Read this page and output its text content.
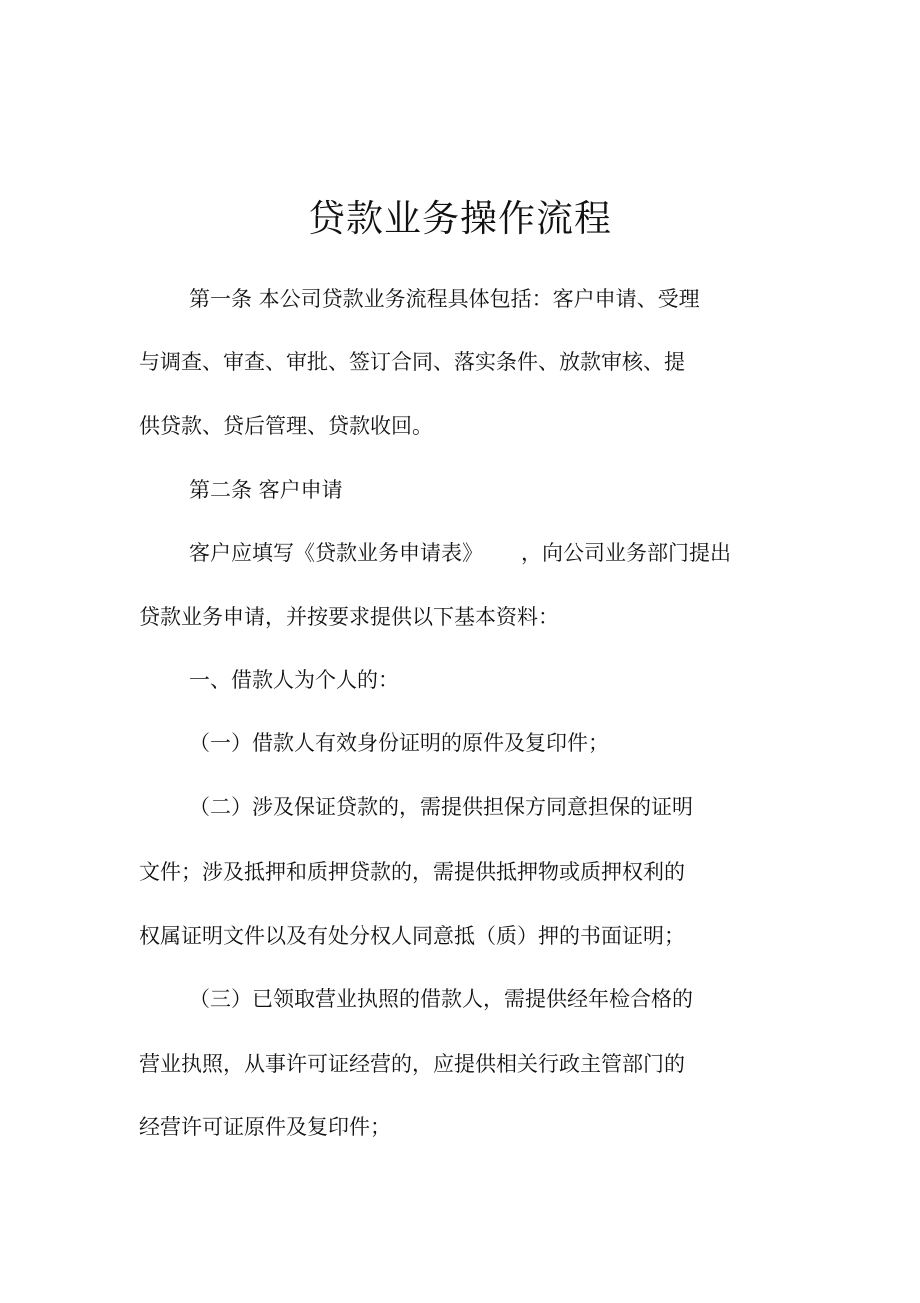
贷款业务操作流程
第一条 本公司贷款业务流程具体包括：客户申请、受理
与调查、审查、审批、签订合同、落实条件、放款审核、提
供贷款、贷后管理、贷款收回。
第二条 客户申请
客户应填写《贷款业务申请表》 ，向公司业务部门提出
贷款业务申请，并按要求提供以下基本资料：
一、借款人为个人的：
（一）借款人有效身份证明的原件及复印件；
（二）涉及保证贷款的，需提供担保方同意担保的证明
文件；涉及抵押和质押贷款的，需提供抵押物或质押权利的
权属证明文件以及有处分权人同意抵（质）押的书面证明；
（三）已领取营业执照的借款人，需提供经年检合格的
营业执照，从事许可证经营的，应提供相关行政主管部门的
经营许可证原件及复印件；
